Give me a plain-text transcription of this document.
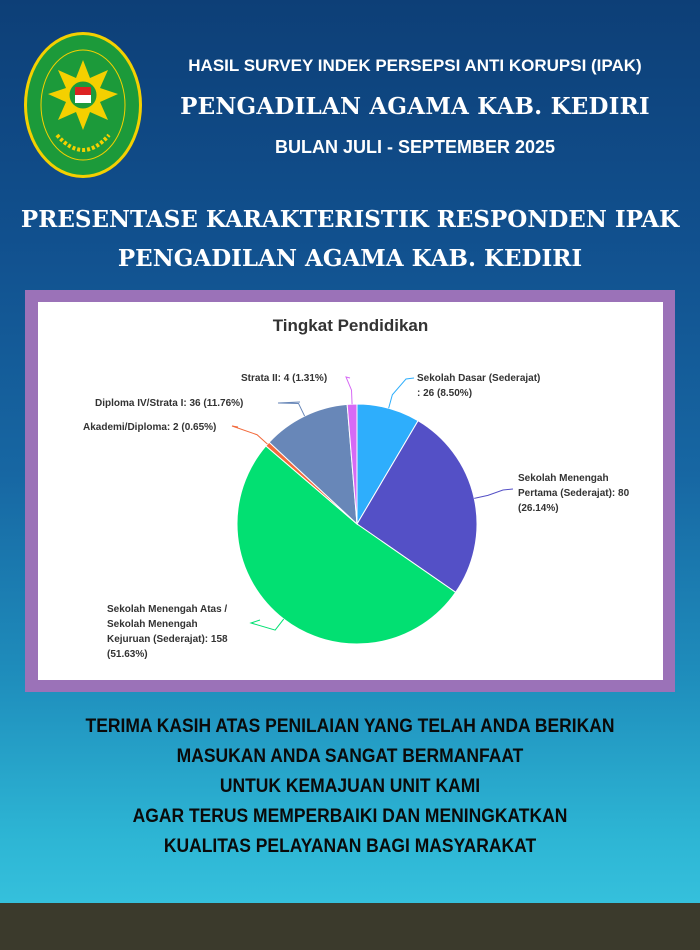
HASIL SURVEY INDEK PERSEPSI ANTI KORUPSI (IPAK)
PENGADILAN AGAMA KAB. KEDIRI
BULAN JULI - SEPTEMBER 2025
PRESENTASE KARAKTERISTIK RESPONDEN IPAK
PENGADILAN AGAMA KAB. KEDIRI
Tingkat Pendidikan
Sekolah Dasar (Sederajat)
: 26 (8.50%)
Sekolah Menengah
Pertama (Sederajat): 80
(26.14%)
Sekolah Menengah Atas /
Sekolah Menengah
Kejuruan (Sederajat): 158
(51.63%)
Akademi/Diploma: 2 (0.65%)
Diploma IV/Strata I: 36 (11.76%)
Strata II: 4 (1.31%)
TERIMA KASIH ATAS PENILAIAN YANG TELAH ANDA BERIKAN
MASUKAN ANDA SANGAT BERMANFAAT
UNTUK KEMAJUAN UNIT KAMI
AGAR TERUS MEMPERBAIKI DAN MENINGKATKAN
KUALITAS PELAYANAN BAGI MASYARAKAT
